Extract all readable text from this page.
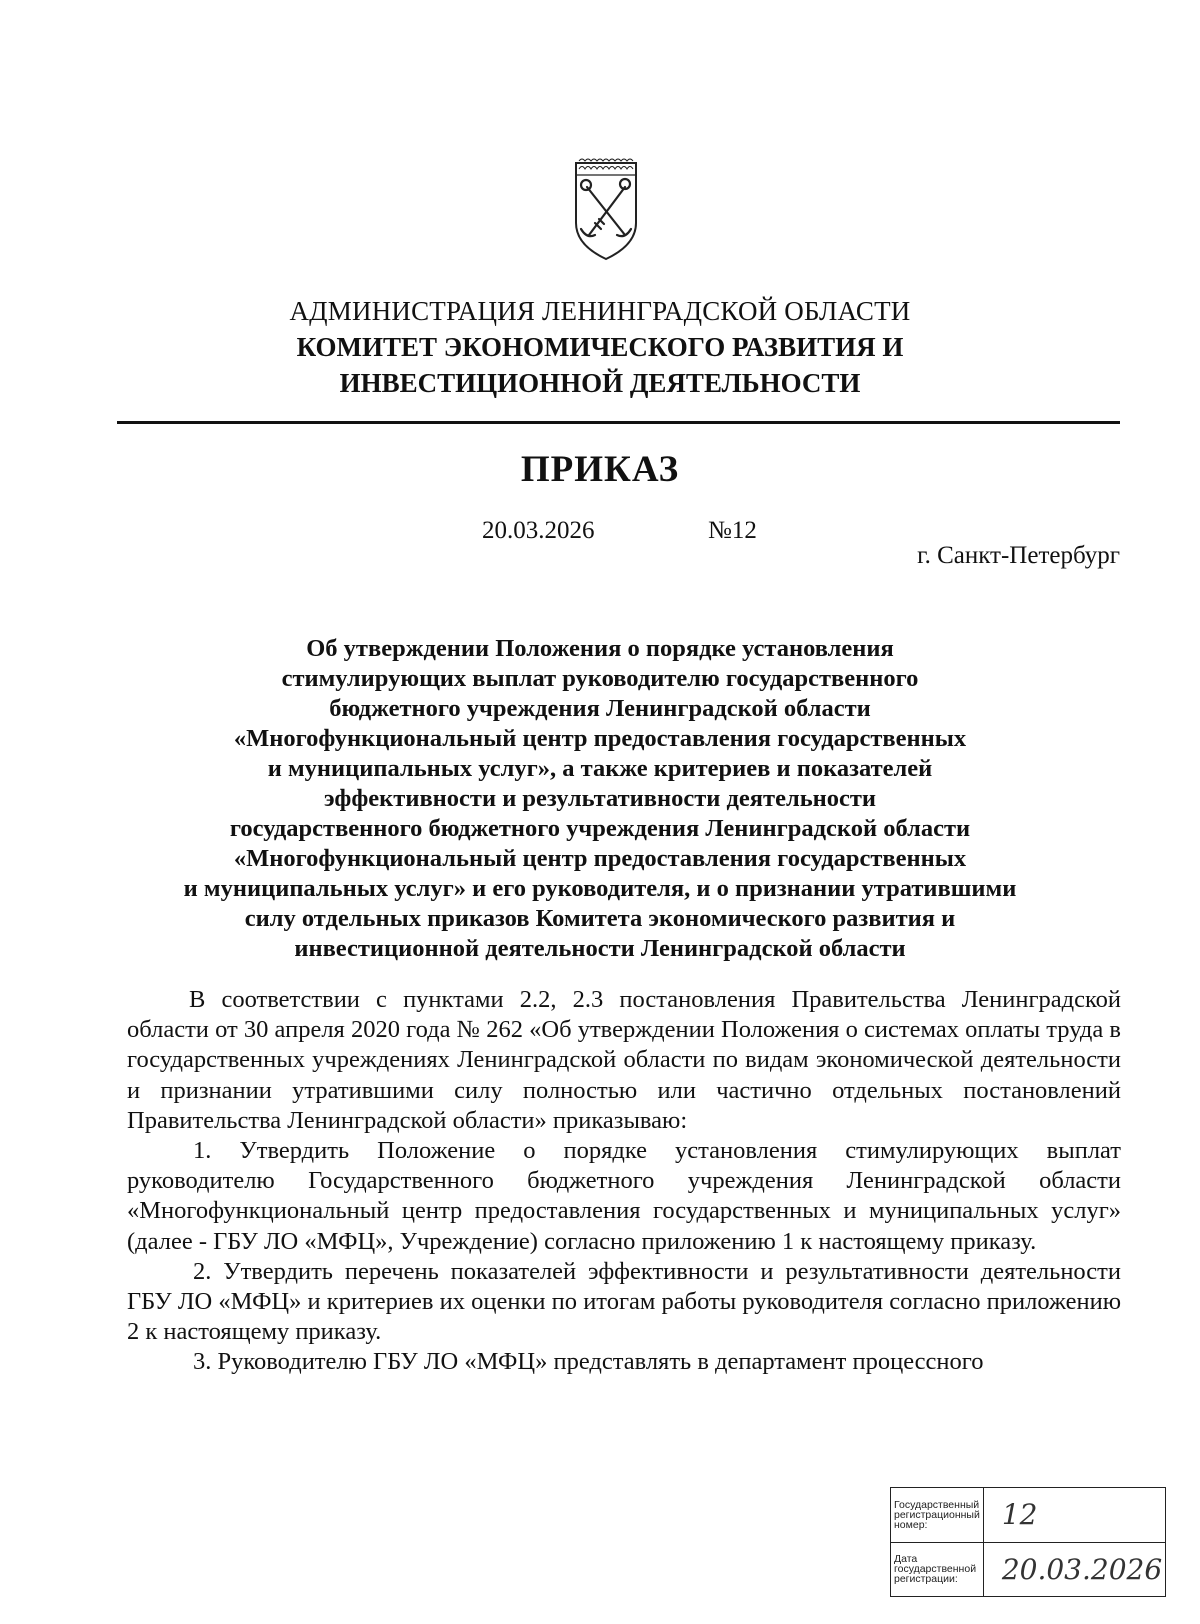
АДМИНИСТРАЦИЯ ЛЕНИНГРАДСКОЙ ОБЛАСТИ
КОМИТЕТ ЭКОНОМИЧЕСКОГО РАЗВИТИЯ И
ИНВЕСТИЦИОННОЙ ДЕЯТЕЛЬНОСТИ
ПРИКАЗ
20.03.2026	№12
г. Санкт-Петербург
Об утверждении Положения о порядке установления
стимулирующих выплат руководителю государственного
бюджетного учреждения Ленинградской области
«Многофункциональный центр предоставления государственных
и муниципальных услуг», а также критериев и показателей
эффективности и результативности деятельности
государственного бюджетного учреждения Ленинградской области
«Многофункциональный центр предоставления государственных
и муниципальных услуг» и его руководителя, и о признании утратившими
силу отдельных приказов Комитета экономического развития и
инвестиционной деятельности Ленинградской области

В соответствии с пунктами 2.2, 2.3 постановления Правительства Ленинградской области от 30 апреля 2020 года № 262 «Об утверждении Положения о системах оплаты труда в государственных учреждениях Ленинградской области по видам экономической деятельности и признании утратившими силу полностью или частично отдельных постановлений Правительства Ленинградской области» приказываю:

1. Утвердить Положение о порядке установления стимулирующих выплат руководителю Государственного бюджетного учреждения Ленинградской области «Многофункциональный центр предоставления государственных и муниципальных услуг» (далее - ГБУ ЛО «МФЦ», Учреждение) согласно приложению 1 к настоящему приказу.

2. Утвердить перечень показателей эффективности и результативности деятельности ГБУ ЛО «МФЦ» и критериев их оценки по итогам работы руководителя согласно приложению 2 к настоящему приказу.

3. Руководителю ГБУ ЛО «МФЦ» представлять в департамент процессного

Государственный регистрационный номер:	12
Дата государственной регистрации:	20.03.2026
